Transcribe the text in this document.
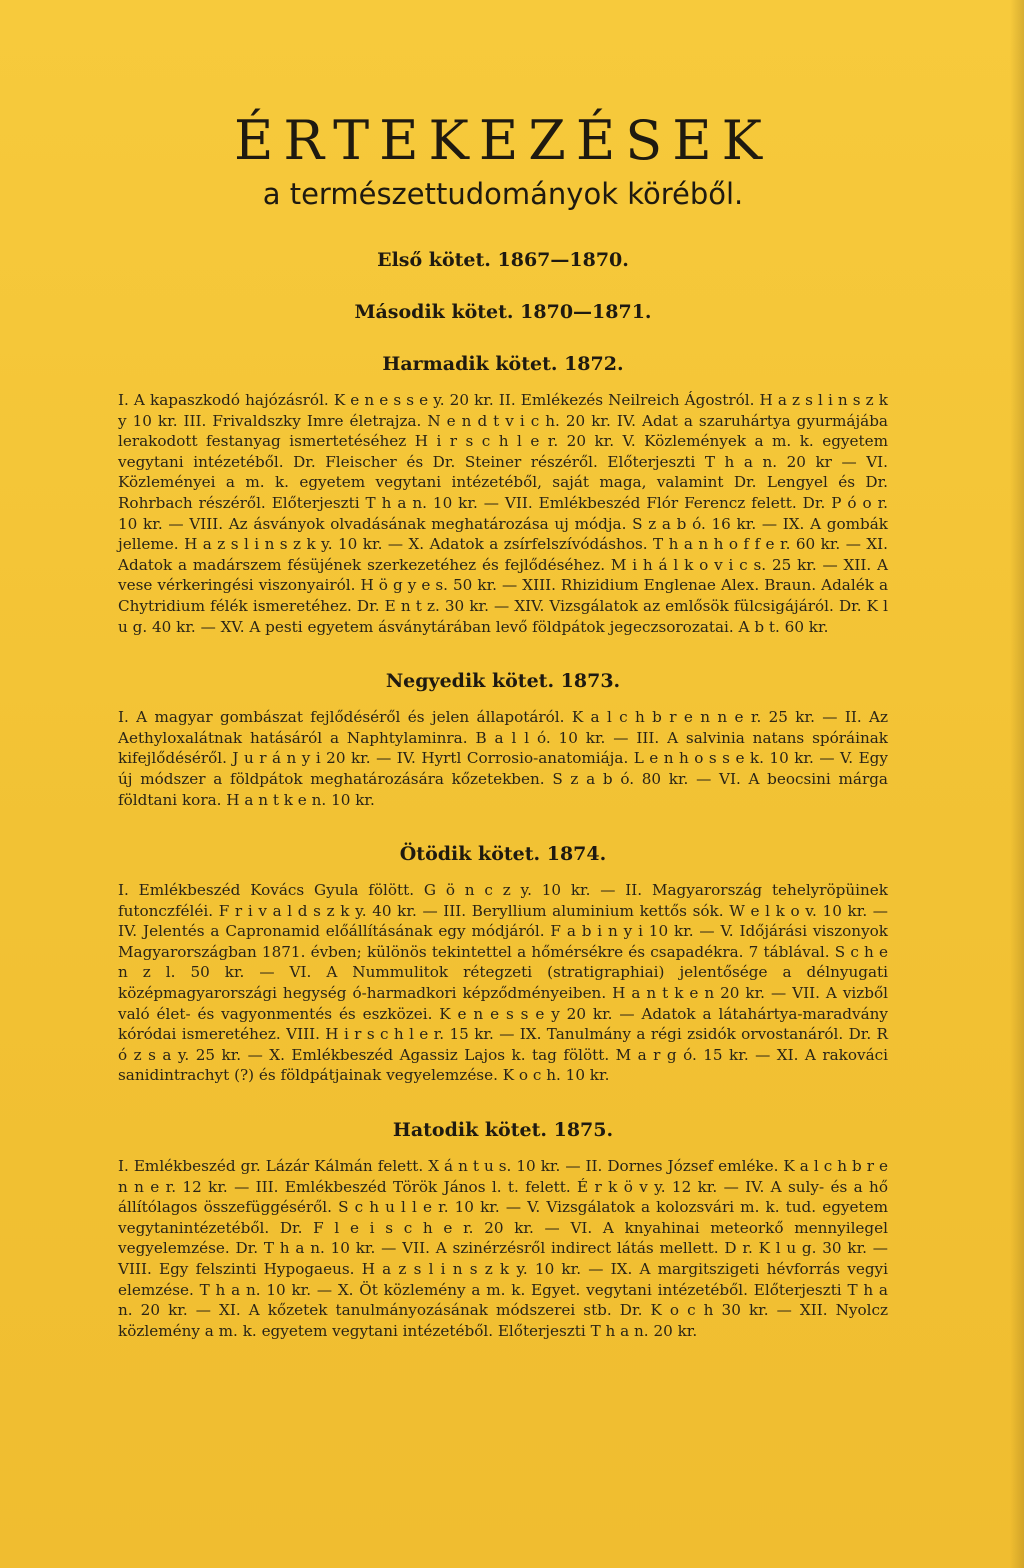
ÉRTEKEZÉSEK

a természettudományok köréből.

Első kötet. 1867—1870.

Második kötet. 1870—1871.

Harmadik kötet. 1872.

I. A kapaszkodó hajózásról. K e n e s s e y. 20 kr. II. Emlékezés Neilreich Ágostról. H a z s l i n s z k y 10 kr. III. Frivaldszky Imre életrajza. N e n d t v i c h. 20 kr. IV. Adat a szaruhártya gyurmájába lerakodott festanyag ismertetéséhez H i r s c h l e r. 20 kr. V. Közlemények a m. k. egyetem vegytani intézetéből. Dr. Fleischer és Dr. Steiner részéről. Előterjeszti T h a n. 20 kr — VI. Közleményei a m. k. egyetem vegytani intézetéből, saját maga, valamint Dr. Lengyel és Dr. Rohrbach részéről. Előterjeszti T h a n. 10 kr. — VII. Emlékbeszéd Flór Ferencz felett. Dr. P ó o r. 10 kr. — VIII. Az ásványok olvadásának meghatározása uj módja. S z a b ó. 16 kr. — IX. A gombák jelleme. H a z s l i n s z k y. 10 kr. — X. Adatok a zsírfelszívódáshos. T h a n h o f f e r. 60 kr. — XI. Adatok a madárszem fésüjének szerkezetéhez és fejlődéséhez. M i h á l k o v i c s. 25 kr. — XII. A vese vérkeringési viszonyairól. H ö g y e s. 50 kr. — XIII. Rhizidium Englenae Alex. Braun. Adalék a Chytridium félék ismeretéhez. Dr. E n t z. 30 kr. — XIV. Vizsgálatok az emlősök fülcsigájáról. Dr. K l u g. 40 kr. — XV. A pesti egyetem ásványtárában levő földpátok jegeczsorozatai. A b t. 60 kr.

Negyedik kötet. 1873.

I. A magyar gombászat fejlődéséről és jelen állapotáról. K a l c h b r e n n e r. 25 kr. — II. Az Aethyloxalátnak hatásáról a Naphtylaminra. B a l l ó. 10 kr. — III. A salvinia natans spóráinak kifejlődéséről. J u r á n y i 20 kr. — IV. Hyrtl Corrosio-anatomiája. L e n h o s s e k. 10 kr. — V. Egy új módszer a földpátok meghatározására kőzetekben. S z a b ó. 80 kr. — VI. A beocsini márga földtani kora. H a n t k e n. 10 kr.

Ötödik kötet. 1874.

I. Emlékbeszéd Kovács Gyula fölött. G ö n c z y. 10 kr. — II. Magyarország tehelyröpüinek futonczféléi. F r i v a l d s z k y. 40 kr. — III. Beryllium aluminium kettős sók. W e l k o v. 10 kr. — IV. Jelentés a Capronamid előállításának egy módjáról. F a b i n y i 10 kr. — V. Időjárási viszonyok Magyarországban 1871. évben; különös tekintettel a hőmérsékre és csapadékra. 7 táblával. S c h e n z l. 50 kr. — VI. A Nummulitok rétegzeti (stratigraphiai) jelentősége a délnyugati középmagyarországi hegység ó-harmadkori képződményeiben. H a n t k e n 20 kr. — VII. A vizből való élet- és vagyonmentés és eszközei. K e n e s s e y 20 kr. — Adatok a látahártya-maradvány kóródai ismeretéhez. VIII. H i r s c h l e r. 15 kr. — IX. Tanulmány a régi zsidók orvostanáról. Dr. R ó z s a y. 25 kr. — X. Emlékbeszéd Agassiz Lajos k. tag fölött. M a r g ó. 15 kr. — XI. A rakováci sanidintrachyt (?) és földpátjainak vegyelemzése. K o c h. 10 kr.

Hatodik kötet. 1875.

I. Emlékbeszéd gr. Lázár Kálmán felett. X á n t u s. 10 kr. — II. Dornes József emléke. K a l c h b r e n n e r. 12 kr. — III. Emlékbeszéd Török János l. t. felett. É r k ö v y. 12 kr. — IV. A suly- és a hő állítólagos összefüggéséről. S c h u l l e r. 10 kr. — V. Vizsgálatok a kolozsvári m. k. tud. egyetem vegytanintézetéből. Dr. F l e i s c h e r. 20 kr. — VI. A knyahinai meteorkő mennyilegel vegyelemzése. Dr. T h a n. 10 kr. — VII. A szinérzésről indirect látás mellett. D r. K l u g. 30 kr. — VIII. Egy felszinti Hypogaeus. H a z s l i n s z k y. 10 kr. — IX. A margitszigeti hévforrás vegyi elemzése. T h a n. 10 kr. — X. Öt közlemény a m. k. Egyet. vegytani intézetéből. Előterjeszti T h a n. 20 kr. — XI. A kőzetek tanulmányozásának módszerei stb. Dr. K o c h 30 kr. — XII. Nyolcz közlemény a m. k. egyetem vegytani intézetéből. Előterjeszti T h a n. 20 kr.
